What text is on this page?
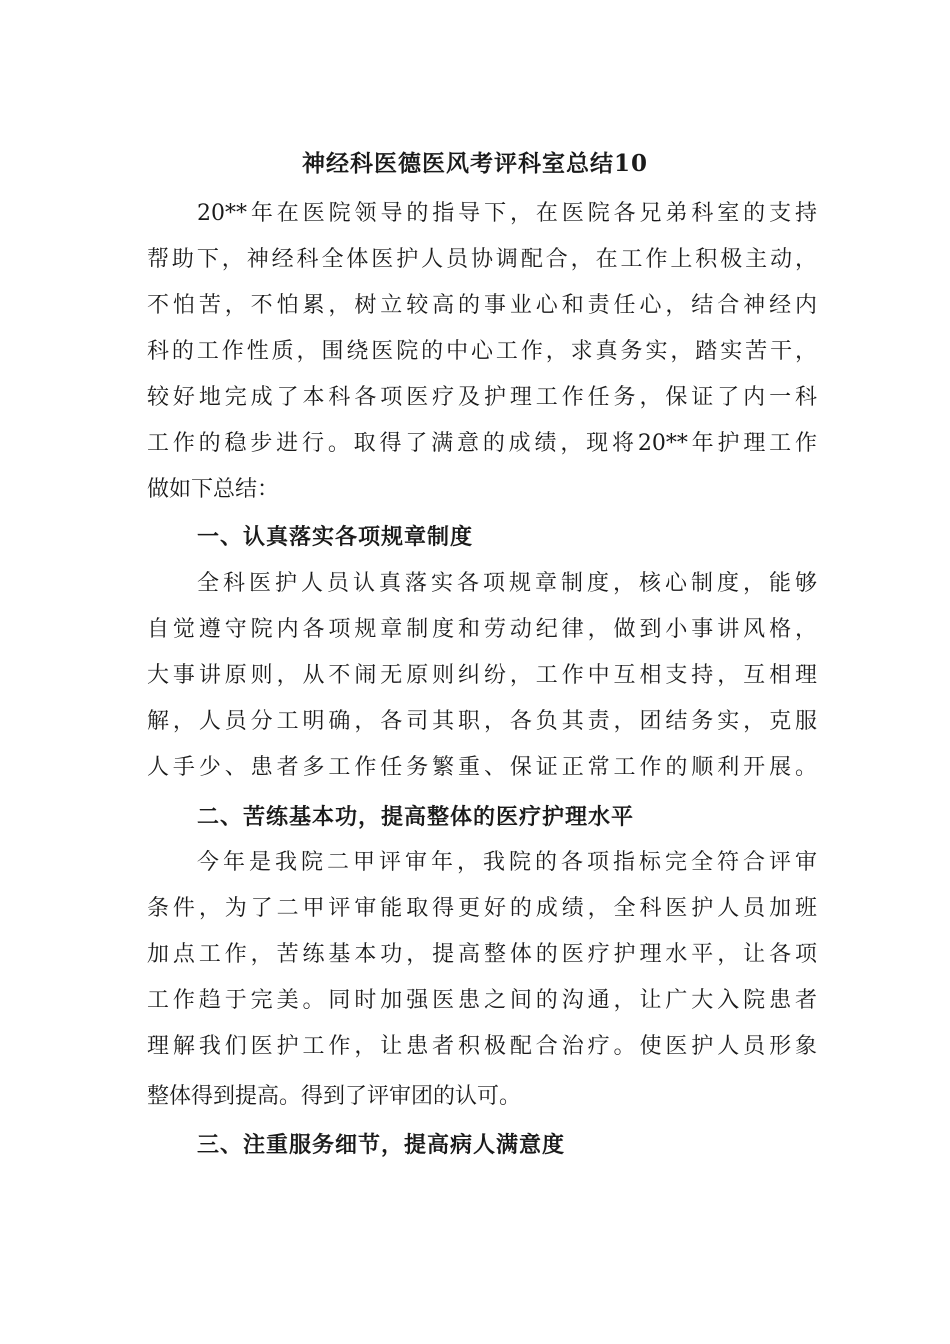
神经科医德医风考评科室总结10
20**年在医院领导的指导下，在医院各兄弟科室的支持
帮助下，神经科全体医护人员协调配合，在工作上积极主动，
不怕苦，不怕累，树立较高的事业心和责任心，结合神经内
科的工作性质，围绕医院的中心工作，求真务实，踏实苦干，
较好地完成了本科各项医疗及护理工作任务，保证了内一科
工作的稳步进行。取得了满意的成绩，现将20**年护理工作
做如下总结：
一、认真落实各项规章制度
全科医护人员认真落实各项规章制度，核心制度，能够
自觉遵守院内各项规章制度和劳动纪律，做到小事讲风格，
大事讲原则，从不闹无原则纠纷，工作中互相支持，互相理
解，人员分工明确，各司其职，各负其责，团结务实，克服
人手少、患者多工作任务繁重、保证正常工作的顺利开展。
二、苦练基本功，提高整体的医疗护理水平
今年是我院二甲评审年，我院的各项指标完全符合评审
条件，为了二甲评审能取得更好的成绩，全科医护人员加班
加点工作，苦练基本功，提高整体的医疗护理水平，让各项
工作趋于完美。同时加强医患之间的沟通，让广大入院患者
理解我们医护工作，让患者积极配合治疗。使医护人员形象
整体得到提高。得到了评审团的认可。
三、注重服务细节，提高病人满意度
